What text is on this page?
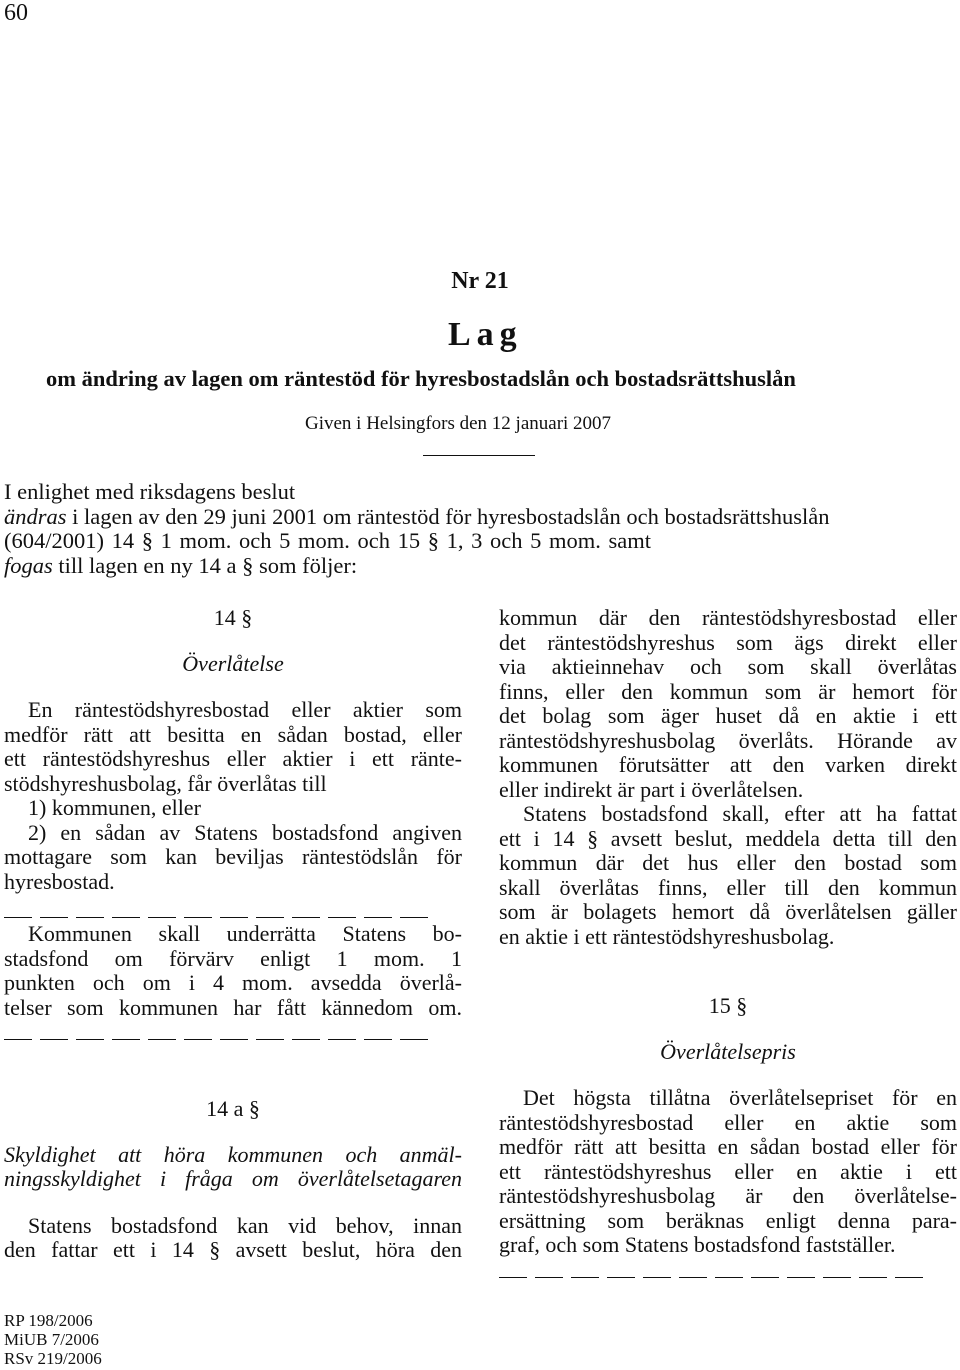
60
Nr 21
Lag
om ändring av lagen om räntestöd för hyresbostadslån och bostadsrättshuslån
Given i Helsingfors den 12 januari 2007
I enlighet med riksdagens beslut
ändras i lagen av den 29 juni 2001 om räntestöd för hyresbostadslån och bostadsrättshuslån
(604/2001) 14 § 1 mom. och 5 mom. och 15 § 1, 3 och 5 mom. samt
fogas till lagen en ny 14 a § som följer:
14 §
Överlåtelse
En räntestödshyresbostad eller aktier som
medför rätt att besitta en sådan bostad, eller
ett räntestödshyreshus eller aktier i ett ränte-
stödshyreshusbolag, får överlåtas till
1) kommunen, eller
2) en sådan av Statens bostadsfond angiven
mottagare som kan beviljas räntestödslån för
hyresbostad.
Kommunen skall underrätta Statens bo-
stadsfond om förvärv enligt 1 mom. 1
punkten och om i 4 mom. avsedda överlå-
telser som kommunen har fått kännedom om.
14 a §
Skyldighet att höra kommunen och anmäl-
ningsskyldighet i fråga om överlåtelsetagaren
Statens bostadsfond kan vid behov, innan
den fattar ett i 14 § avsett beslut, höra den
kommun där den räntestödshyresbostad eller
det räntestödshyreshus som ägs direkt eller
via aktieinnehav och som skall överlåtas
finns, eller den kommun som är hemort för
det bolag som äger huset då en aktie i ett
räntestödshyreshusbolag överlåts. Hörande av
kommunen förutsätter att den varken direkt
eller indirekt är part i överlåtelsen.
Statens bostadsfond skall, efter att ha fattat
ett i 14 § avsett beslut, meddela detta till den
kommun där det hus eller den bostad som
skall överlåtas finns, eller till den kommun
som är bolagets hemort då överlåtelsen gäller
en aktie i ett räntestödshyreshusbolag.
15 §
Överlåtelsepris
Det högsta tillåtna överlåtelsepriset för en
räntestödshyresbostad eller en aktie som
medför rätt att besitta en sådan bostad eller för
ett räntestödshyreshus eller en aktie i ett
räntestödshyreshusbolag är den överlåtelse-
ersättning som beräknas enligt denna para-
graf, och som Statens bostadsfond fastställer.
RP 198/2006
MiUB 7/2006
RSv 219/2006
